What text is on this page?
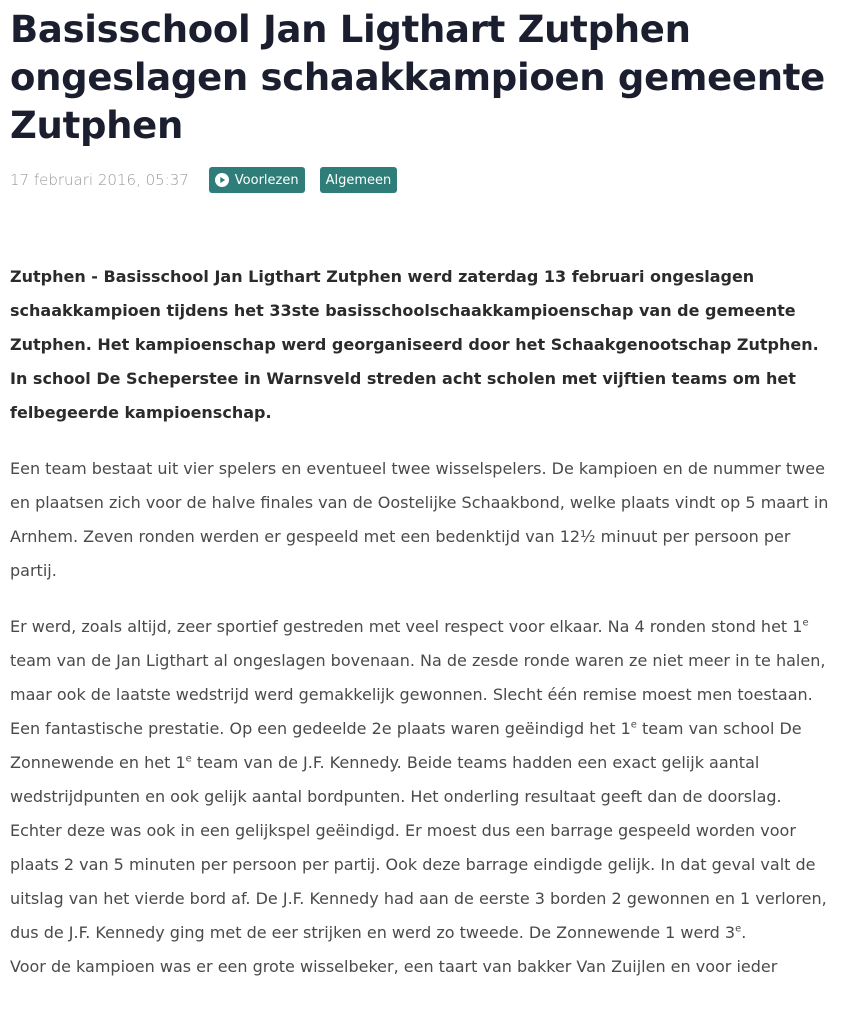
Basisschool Jan Ligthart Zutphen ongeslagen schaakkampioen gemeente Zutphen
17 februari 2016, 05:37	Voorlezen Algemeen

Zutphen - Basisschool Jan Ligthart Zutphen werd zaterdag 13 februari ongeslagen schaakkampioen tijdens het 33ste basisschoolschaakkampioenschap van de gemeente Zutphen. Het kampioenschap werd georganiseerd door het Schaakgenootschap Zutphen. In school De Scheperstee in Warnsveld streden acht scholen met vijftien teams om het felbegeerde kampioenschap.

Een team bestaat uit vier spelers en eventueel twee wisselspelers. De kampioen en de nummer twee en plaatsen zich voor de halve finales van de Oostelijke Schaakbond, welke plaats vindt op 5 maart in Arnhem. Zeven ronden werden er gespeeld met een bedenktijd van 12½ minuut per persoon per partij.

Er werd, zoals altijd, zeer sportief gestreden met veel respect voor elkaar. Na 4 ronden stond het 1e team van de Jan Ligthart al ongeslagen bovenaan. Na de zesde ronde waren ze niet meer in te halen, maar ook de laatste wedstrijd werd gemakkelijk gewonnen. Slecht één remise moest men toestaan. Een fantastische prestatie. Op een gedeelde 2e plaats waren geëindigd het 1e team van school De Zonnewende en het 1e team van de J.F. Kennedy. Beide teams hadden een exact gelijk aantal wedstrijdpunten en ook gelijk aantal bordpunten. Het onderling resultaat geeft dan de doorslag. Echter deze was ook in een gelijkspel geëindigd. Er moest dus een barrage gespeeld worden voor plaats 2 van 5 minuten per persoon per partij. Ook deze barrage eindigde gelijk. In dat geval valt de uitslag van het vierde bord af. De J.F. Kennedy had aan de eerste 3 borden 2 gewonnen en 1 verloren, dus de J.F. Kennedy ging met de eer strijken en werd zo tweede. De Zonnewende 1 werd 3e.

Voor de kampioen was er een grote wisselbeker, een taart van bakker Van Zuijlen en voor ieder
